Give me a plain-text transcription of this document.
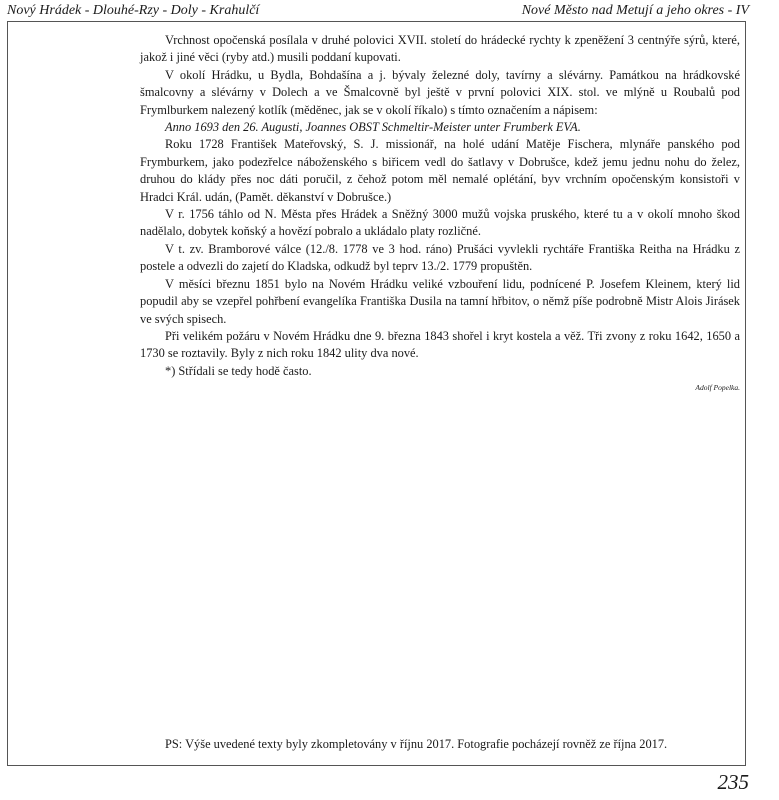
Nový Hrádek - Dlouhé-Rzy - Doly - Krahulčí	Nové Město nad Metují a jeho okres - IV

Vrchnost opočenská posílala v druhé polovici XVII. století do hrádecké rychty k zpeněžení 3 centnýře sýrů, které, jakož i jiné věci (ryby atd.) musili poddaní kupovati.

V okolí Hrádku, u Bydla, Bohdašína a j. bývaly železné doly, tavírny a slévárny. Památkou na hrádkovské šmalcovny a slévárny v Dolech a ve Šmalcovně byl ještě v první polovici XIX. stol. ve mlýně u Roubalů pod Frymlburkem nalezený kotlík (měděnec, jak se v okolí říkalo) s tímto označením a nápisem:

Anno 1693 den 26. Augusti, Joannes OBST Schmeltir-Meister unter Frumberk EVA.

Roku 1728 František Mateřovský, S. J. missionář, na holé udání Matěje Fischera, mlynáře panského pod Frymburkem, jako podezřelce náboženského s biřicem vedl do šatlavy v Dobrušce, kdež jemu jednu nohu do želez, druhou do klády přes noc dáti poručil, z čehož potom měl nemalé oplétání, byv vrchním opočenským konsistoři v Hradci Král. udán, (Pamět. děkanství v Dobrušce.)

V r. 1756 táhlo od N. Města přes Hrádek a Sněžný 3000 mužů vojska pruského, které tu a v okolí mnoho škod nadělalo, dobytek koňský a hovězí pobralo a ukládalo platy rozličné.

V t. zv. Bramborové válce (12./8. 1778 ve 3 hod. ráno) Prušáci vyvlekli rychtáře Františka Reitha na Hrádku z postele a odvezli do zajetí do Kladska, odkudž byl teprv 13./2. 1779 propuštěn.

V měsíci březnu 1851 bylo na Novém Hrádku veliké vzbouření lidu, podnícené P. Josefem Kleinem, který lid popudil aby se vzepřel pohřbení evangelíka Františka Dusila na tamní hřbitov, o němž píše podrobně Mistr Alois Jirásek ve svých spisech.

Při velikém požáru v Novém Hrádku dne 9. března 1843 shořel i kryt kostela a věž. Tři zvony z roku 1642, 1650 a 1730 se roztavily. Byly z nich roku 1842 ulity dva nové.

*) Střídali se tedy hodě často.

Adolf Popelka.
PS: Výše uvedené texty byly zkompletovány v říjnu 2017. Fotografie pocházejí rovněž ze října 2017.
235
